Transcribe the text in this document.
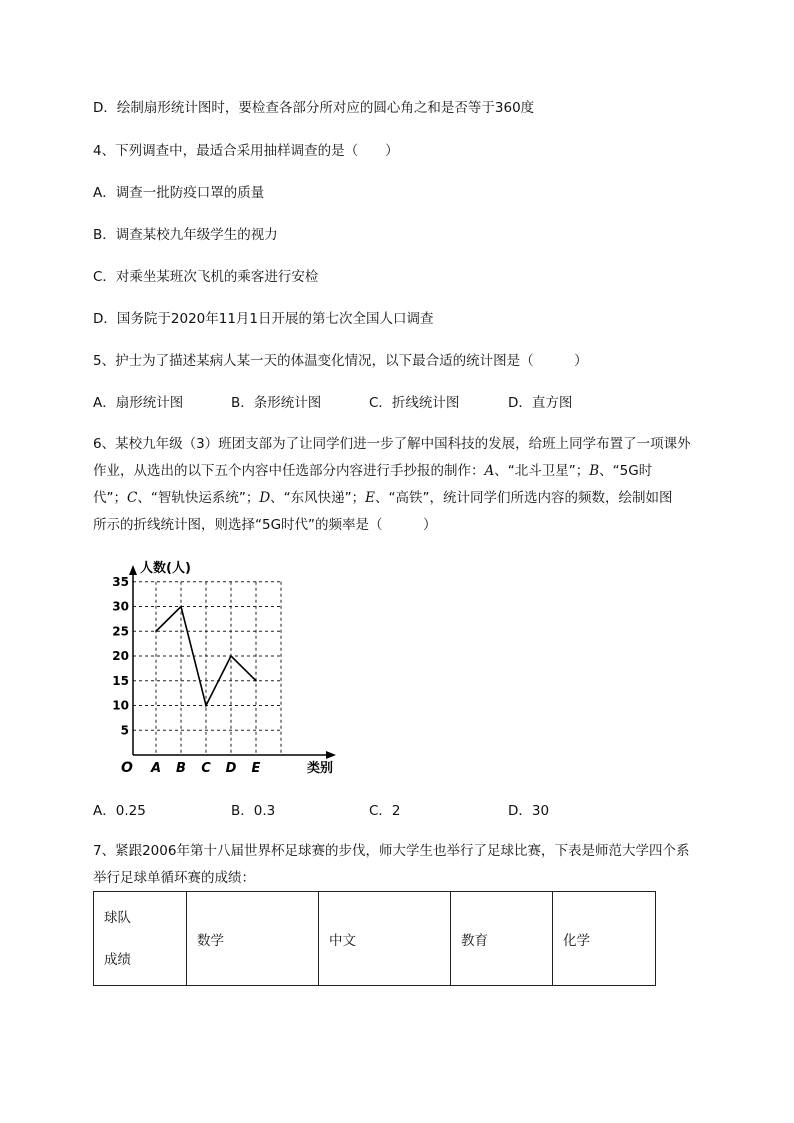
D．绘制扇形统计图时，要检查各部分所对应的圆心角之和是否等于360度
4、下列调查中，最适合采用抽样调查的是（　　）
A．调查一批防疫口罩的质量
B．调查某校九年级学生的视力
C．对乘坐某班次飞机的乘客进行安检
D．国务院于2020年11月1日开展的第七次全国人口调查
5、护士为了描述某病人某一天的体温变化情况，以下最合适的统计图是（　　　）
A．扇形统计图	B．条形统计图	C．折线统计图	D．直方图
6、某校九年级（3）班团支部为了让同学们进一步了解中国科技的发展，给班上同学布置了一项课外
作业，从选出的以下五个内容中任选部分内容进行手抄报的制作：A、“北斗卫星”；B、“5G时
代”；C、“智轨快运系统”；D、“东风快递”；E、“高铁”，统计同学们所选内容的频数，绘制如图
所示的折线统计图，则选择“5G时代”的频率是（　　　）
5
10
15
20
25
30
35
A B C D E
人数(人)
类别
O
A．0.25	B．0.3	C．2	D．30
7、紧跟2006年第十八届世界杯足球赛的步伐，师大学生也举行了足球比赛，下表是师范大学四个系
举行足球单循环赛的成绩：
球队
成绩
	数学	中文	教育	化学
